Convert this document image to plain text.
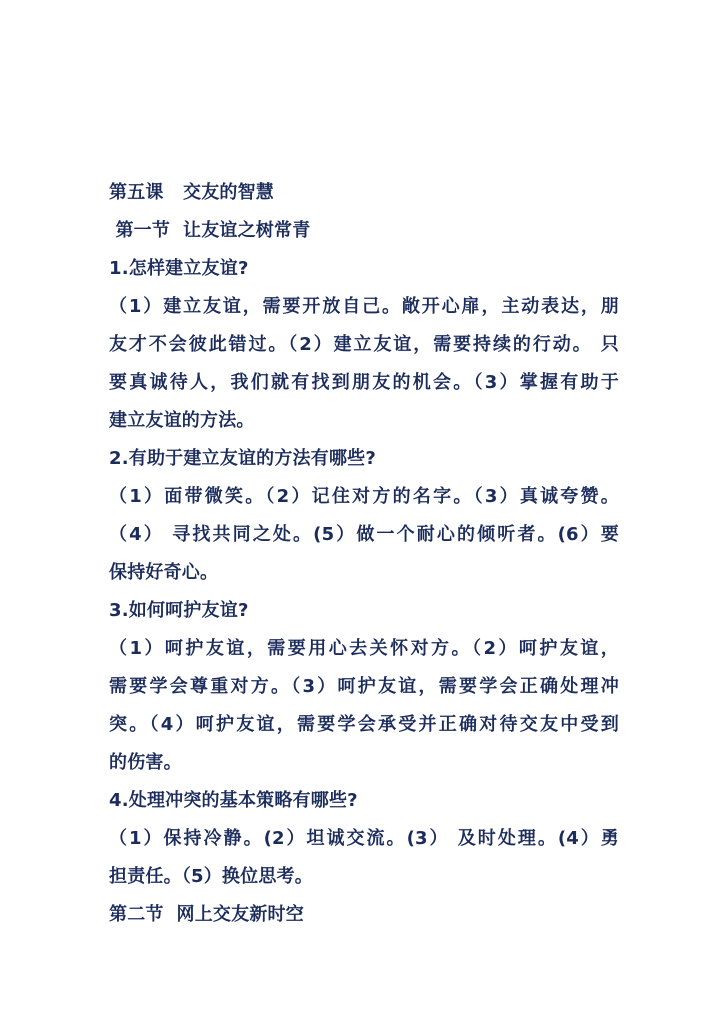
第五课   交友的智慧
第一节  让友谊之树常青
1.怎样建立友谊?
（1）建立友谊，需要开放自己。敞开心扉，主动表达，朋
友才不会彼此错过。（2）建立友谊，需要持续的行动。 只
要真诚待人，我们就有找到朋友的机会。（3）掌握有助于
建立友谊的方法。
2.有助于建立友谊的方法有哪些?
（1）面带微笑。（2）记住对方的名字。（3）真诚夸赞。
（4） 寻找共同之处。(5）做一个耐心的倾听者。(6）要
保持好奇心。
3.如何呵护友谊?
（1）呵护友谊，需要用心去关怀对方。（2）呵护友谊，
需要学会尊重对方。（3）呵护友谊，需要学会正确处理冲
突。（4）呵护友谊，需要学会承受并正确对待交友中受到
的伤害。
4.处理冲突的基本策略有哪些?
（1）保持冷静。(2）坦诚交流。(3） 及时处理。(4）勇
担责任。（5）换位思考。
第二节  网上交友新时空
